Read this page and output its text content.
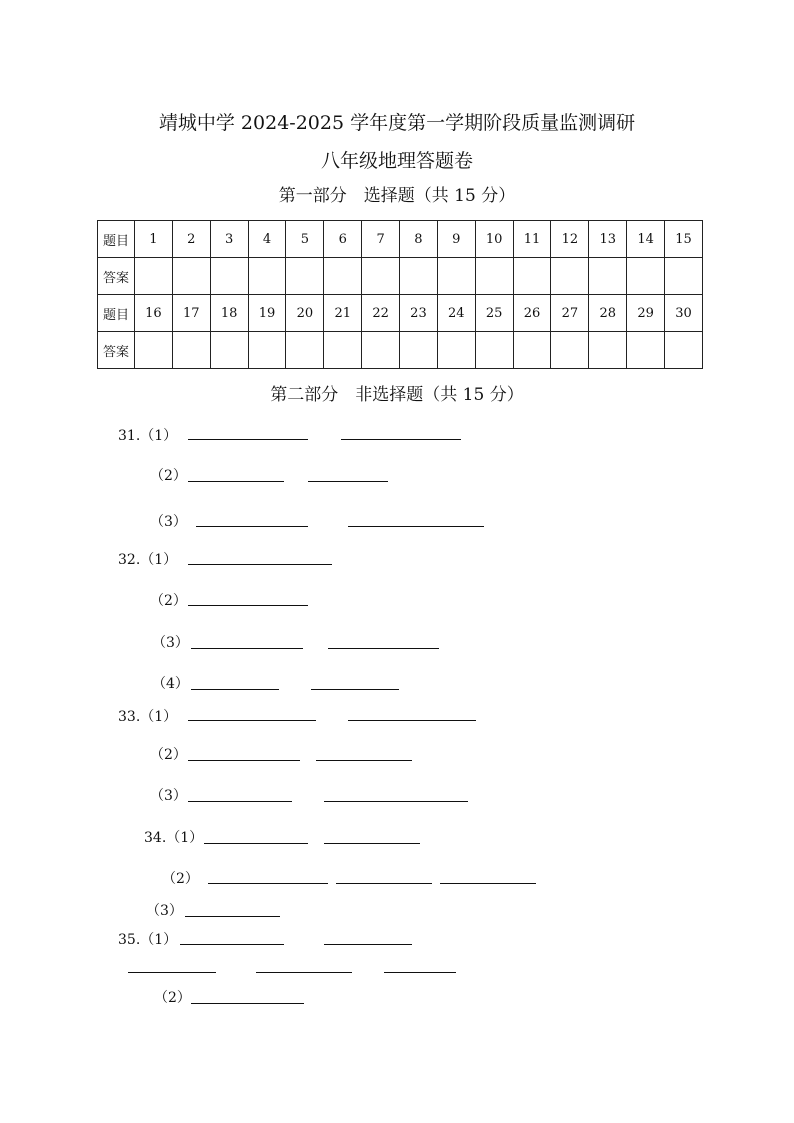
靖城中学 2024-2025 学年度第一学期阶段质量监测调研
八年级地理答题卷
第一部分　选择题（共 15 分）
题目	1	2	3	4	5	6	7	8	9	10	11	12	13	14	15
答案															
题目	16	17	18	19	20	21	22	23	24	25	26	27	28	29	30
答案															
第二部分　非选择题（共 15 分）
31.（1）
（2）
（3）
32.（1）
（2）
（3）
（4）
33.（1）
（2）
（3）
34.（1）
（2）
（3）
35.（1）
（2）
